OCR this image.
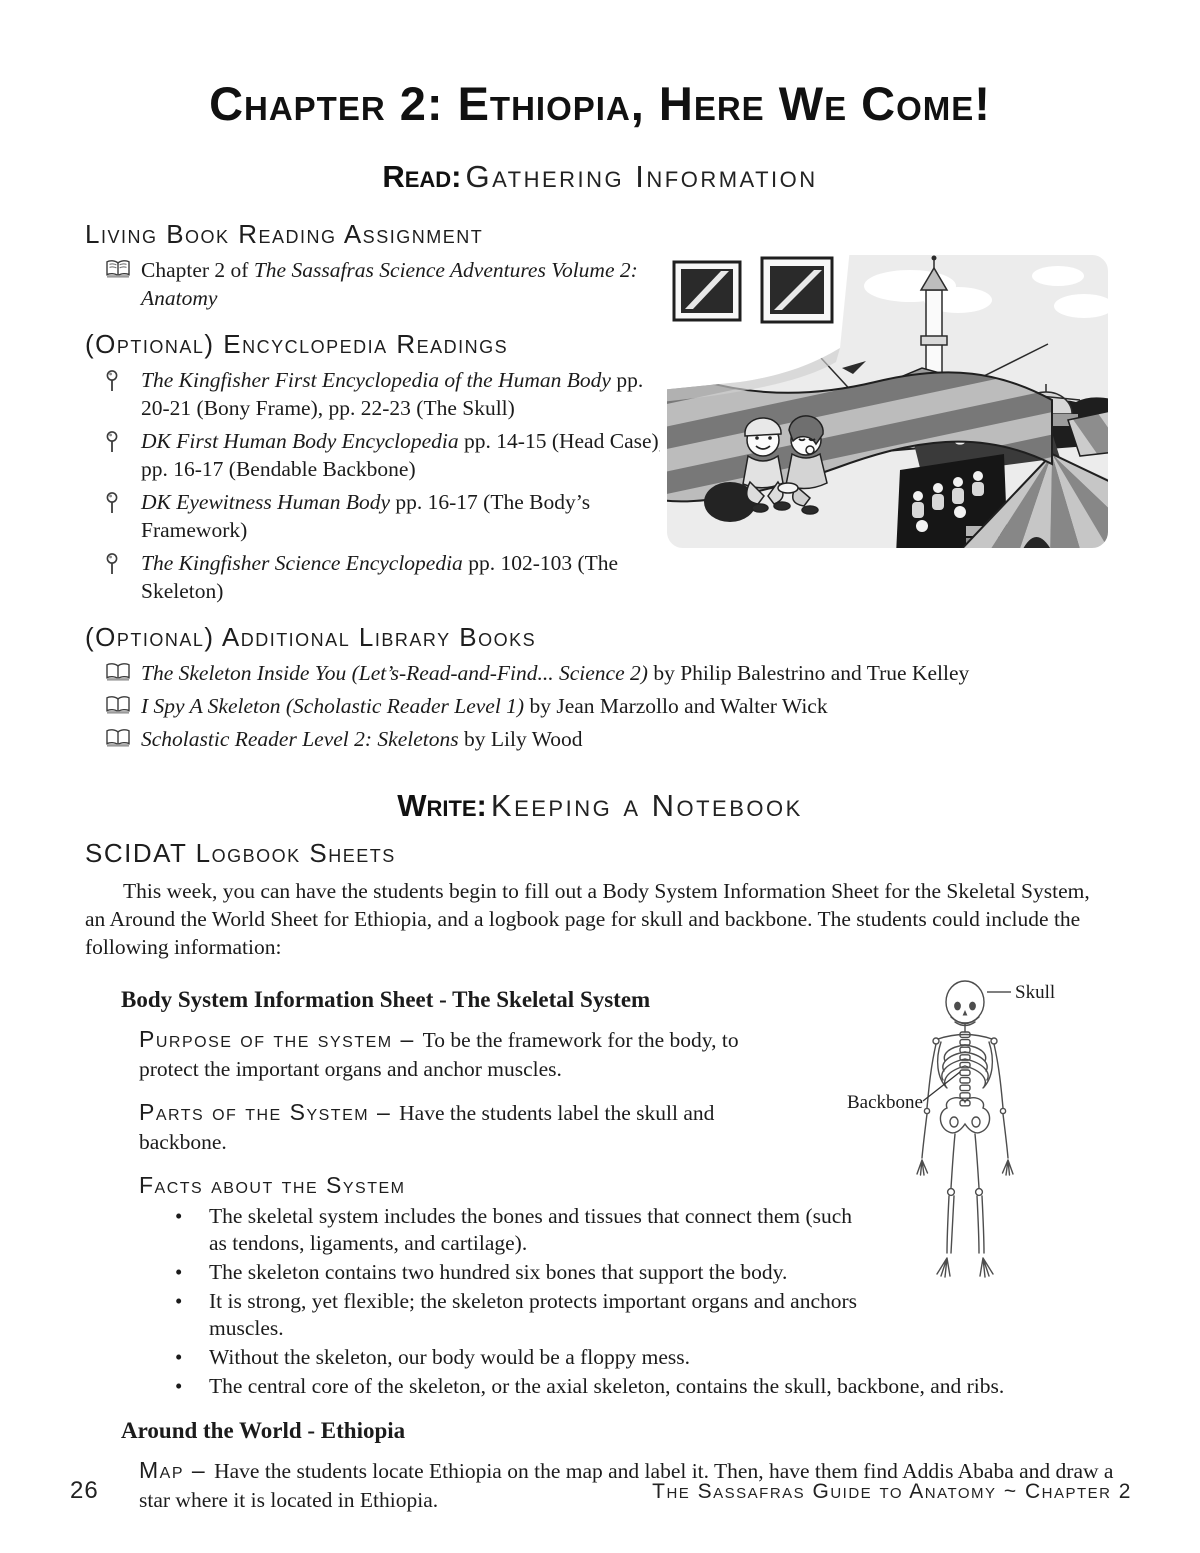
Chapter 2: Ethiopia, Here We Come!
Read: Gathering Information
Living Book Reading Assignment
Chapter 2 of The Sassafras Science Adventures Volume 2: Anatomy
(Optional) Encyclopedia Readings
The Kingfisher First Encyclopedia of the Human Body pp. 20-21 (Bony Frame), pp. 22-23 (The Skull)
DK First Human Body Encyclopedia pp. 14-15 (Head Case), pp. 16-17 (Bendable Backbone)
DK Eyewitness Human Body pp. 16-17 (The Body’s Framework)
The Kingfisher Science Encyclopedia pp. 102-103 (The Skeleton)
(Optional) Additional Library Books
The Skeleton Inside You (Let’s-Read-and-Find... Science 2) by Philip Balestrino and True Kelley
I Spy A Skeleton (Scholastic Reader Level 1) by Jean Marzollo and Walter Wick
Scholastic Reader Level 2: Skeletons by Lily Wood
Write: Keeping a Notebook
SCIDAT Logbook Sheets

This week, you can have the students begin to fill out a Body System Information Sheet for the Skeletal System, an Around the World Sheet for Ethiopia, and a logbook page for skull and backbone. The students could include the following information:

Body System Information Sheet - The Skeletal System

Purpose of the system – To be the framework for the body, to protect the important organs and anchor muscles.

Parts of the System – Have the students label the skull and backbone.

Facts about the System
• The skeletal system includes the bones and tissues that connect them (such as tendons, ligaments, and cartilage).
• The skeleton contains two hundred six bones that support the body.
• It is strong, yet flexible; the skeleton protects important organs and anchors muscles.
• Without the skeleton, our body would be a floppy mess.
• The central core of the skeleton, or the axial skeleton, contains the skull, backbone, and ribs.
Around the World - Ethiopia

Map – Have the students locate Ethiopia on the map and label it. Then, have them find Addis Ababa and draw a star where it is located in Ethiopia.

Skull
Backbone
26	The Sassafras Guide to Anatomy ~ Chapter 2
